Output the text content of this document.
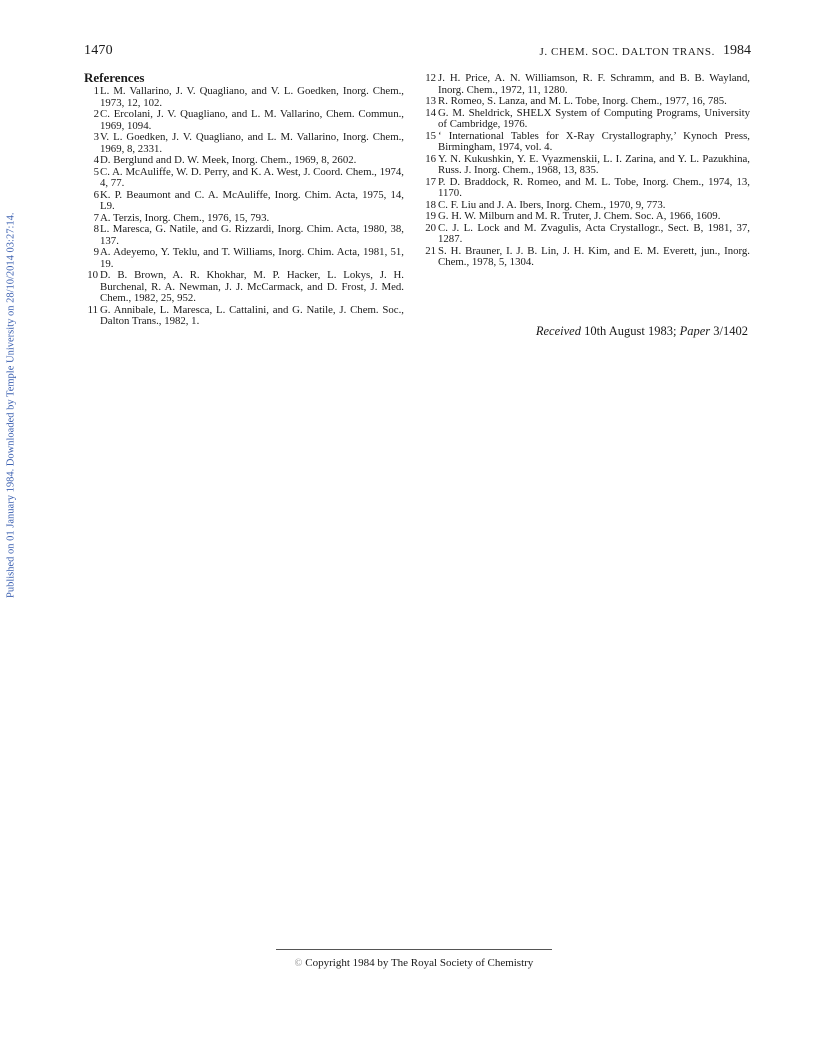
Published on 01 January 1984. Downloaded by Temple University on 28/10/2014 03:27:14.
1470	J. CHEM. SOC. DALTON TRANS. 1984
References
1 L. M. Vallarino, J. V. Quagliano, and V. L. Goedken, Inorg. Chem., 1973, 12, 102.
2 C. Ercolani, J. V. Quagliano, and L. M. Vallarino, Chem. Commun., 1969, 1094.
3 V. L. Goedken, J. V. Quagliano, and L. M. Vallarino, Inorg. Chem., 1969, 8, 2331.
4 D. Berglund and D. W. Meek, Inorg. Chem., 1969, 8, 2602.
5 C. A. McAuliffe, W. D. Perry, and K. A. West, J. Coord. Chem., 1974, 4, 77.
6 K. P. Beaumont and C. A. McAuliffe, Inorg. Chim. Acta, 1975, 14, L9.
7 A. Terzis, Inorg. Chem., 1976, 15, 793.
8 L. Maresca, G. Natile, and G. Rizzardi, Inorg. Chim. Acta, 1980, 38, 137.
9 A. Adeyemo, Y. Teklu, and T. Williams, Inorg. Chim. Acta, 1981, 51, 19.
10 D. B. Brown, A. R. Khokhar, M. P. Hacker, L. Lokys, J. H. Burchenal, R. A. Newman, J. J. McCarmack, and D. Frost, J. Med. Chem., 1982, 25, 952.
11 G. Annibale, L. Maresca, L. Cattalini, and G. Natile, J. Chem. Soc., Dalton Trans., 1982, 1.
12 J. H. Price, A. N. Williamson, R. F. Schramm, and B. B. Wayland, Inorg. Chem., 1972, 11, 1280.
13 R. Romeo, S. Lanza, and M. L. Tobe, Inorg. Chem., 1977, 16, 785.
14 G. M. Sheldrick, SHELX System of Computing Programs, University of Cambridge, 1976.
15 ‘ International Tables for X-Ray Crystallography,’ Kynoch Press, Birmingham, 1974, vol. 4.
16 Y. N. Kukushkin, Y. E. Vyazmenskii, L. I. Zarina, and Y. L. Pazukhina, Russ. J. Inorg. Chem., 1968, 13, 835.
17 P. D. Braddock, R. Romeo, and M. L. Tobe, Inorg. Chem., 1974, 13, 1170.
18 C. F. Liu and J. A. Ibers, Inorg. Chem., 1970, 9, 773.
19 G. H. W. Milburn and M. R. Truter, J. Chem. Soc. A, 1966, 1609.
20 C. J. L. Lock and M. Zvagulis, Acta Crystallogr., Sect. B, 1981, 37, 1287.
21 S. H. Brauner, I. J. B. Lin, J. H. Kim, and E. M. Everett, jun., Inorg. Chem., 1978, 5, 1304.
Received 10th August 1983; Paper 3/1402
© Copyright 1984 by The Royal Society of Chemistry
